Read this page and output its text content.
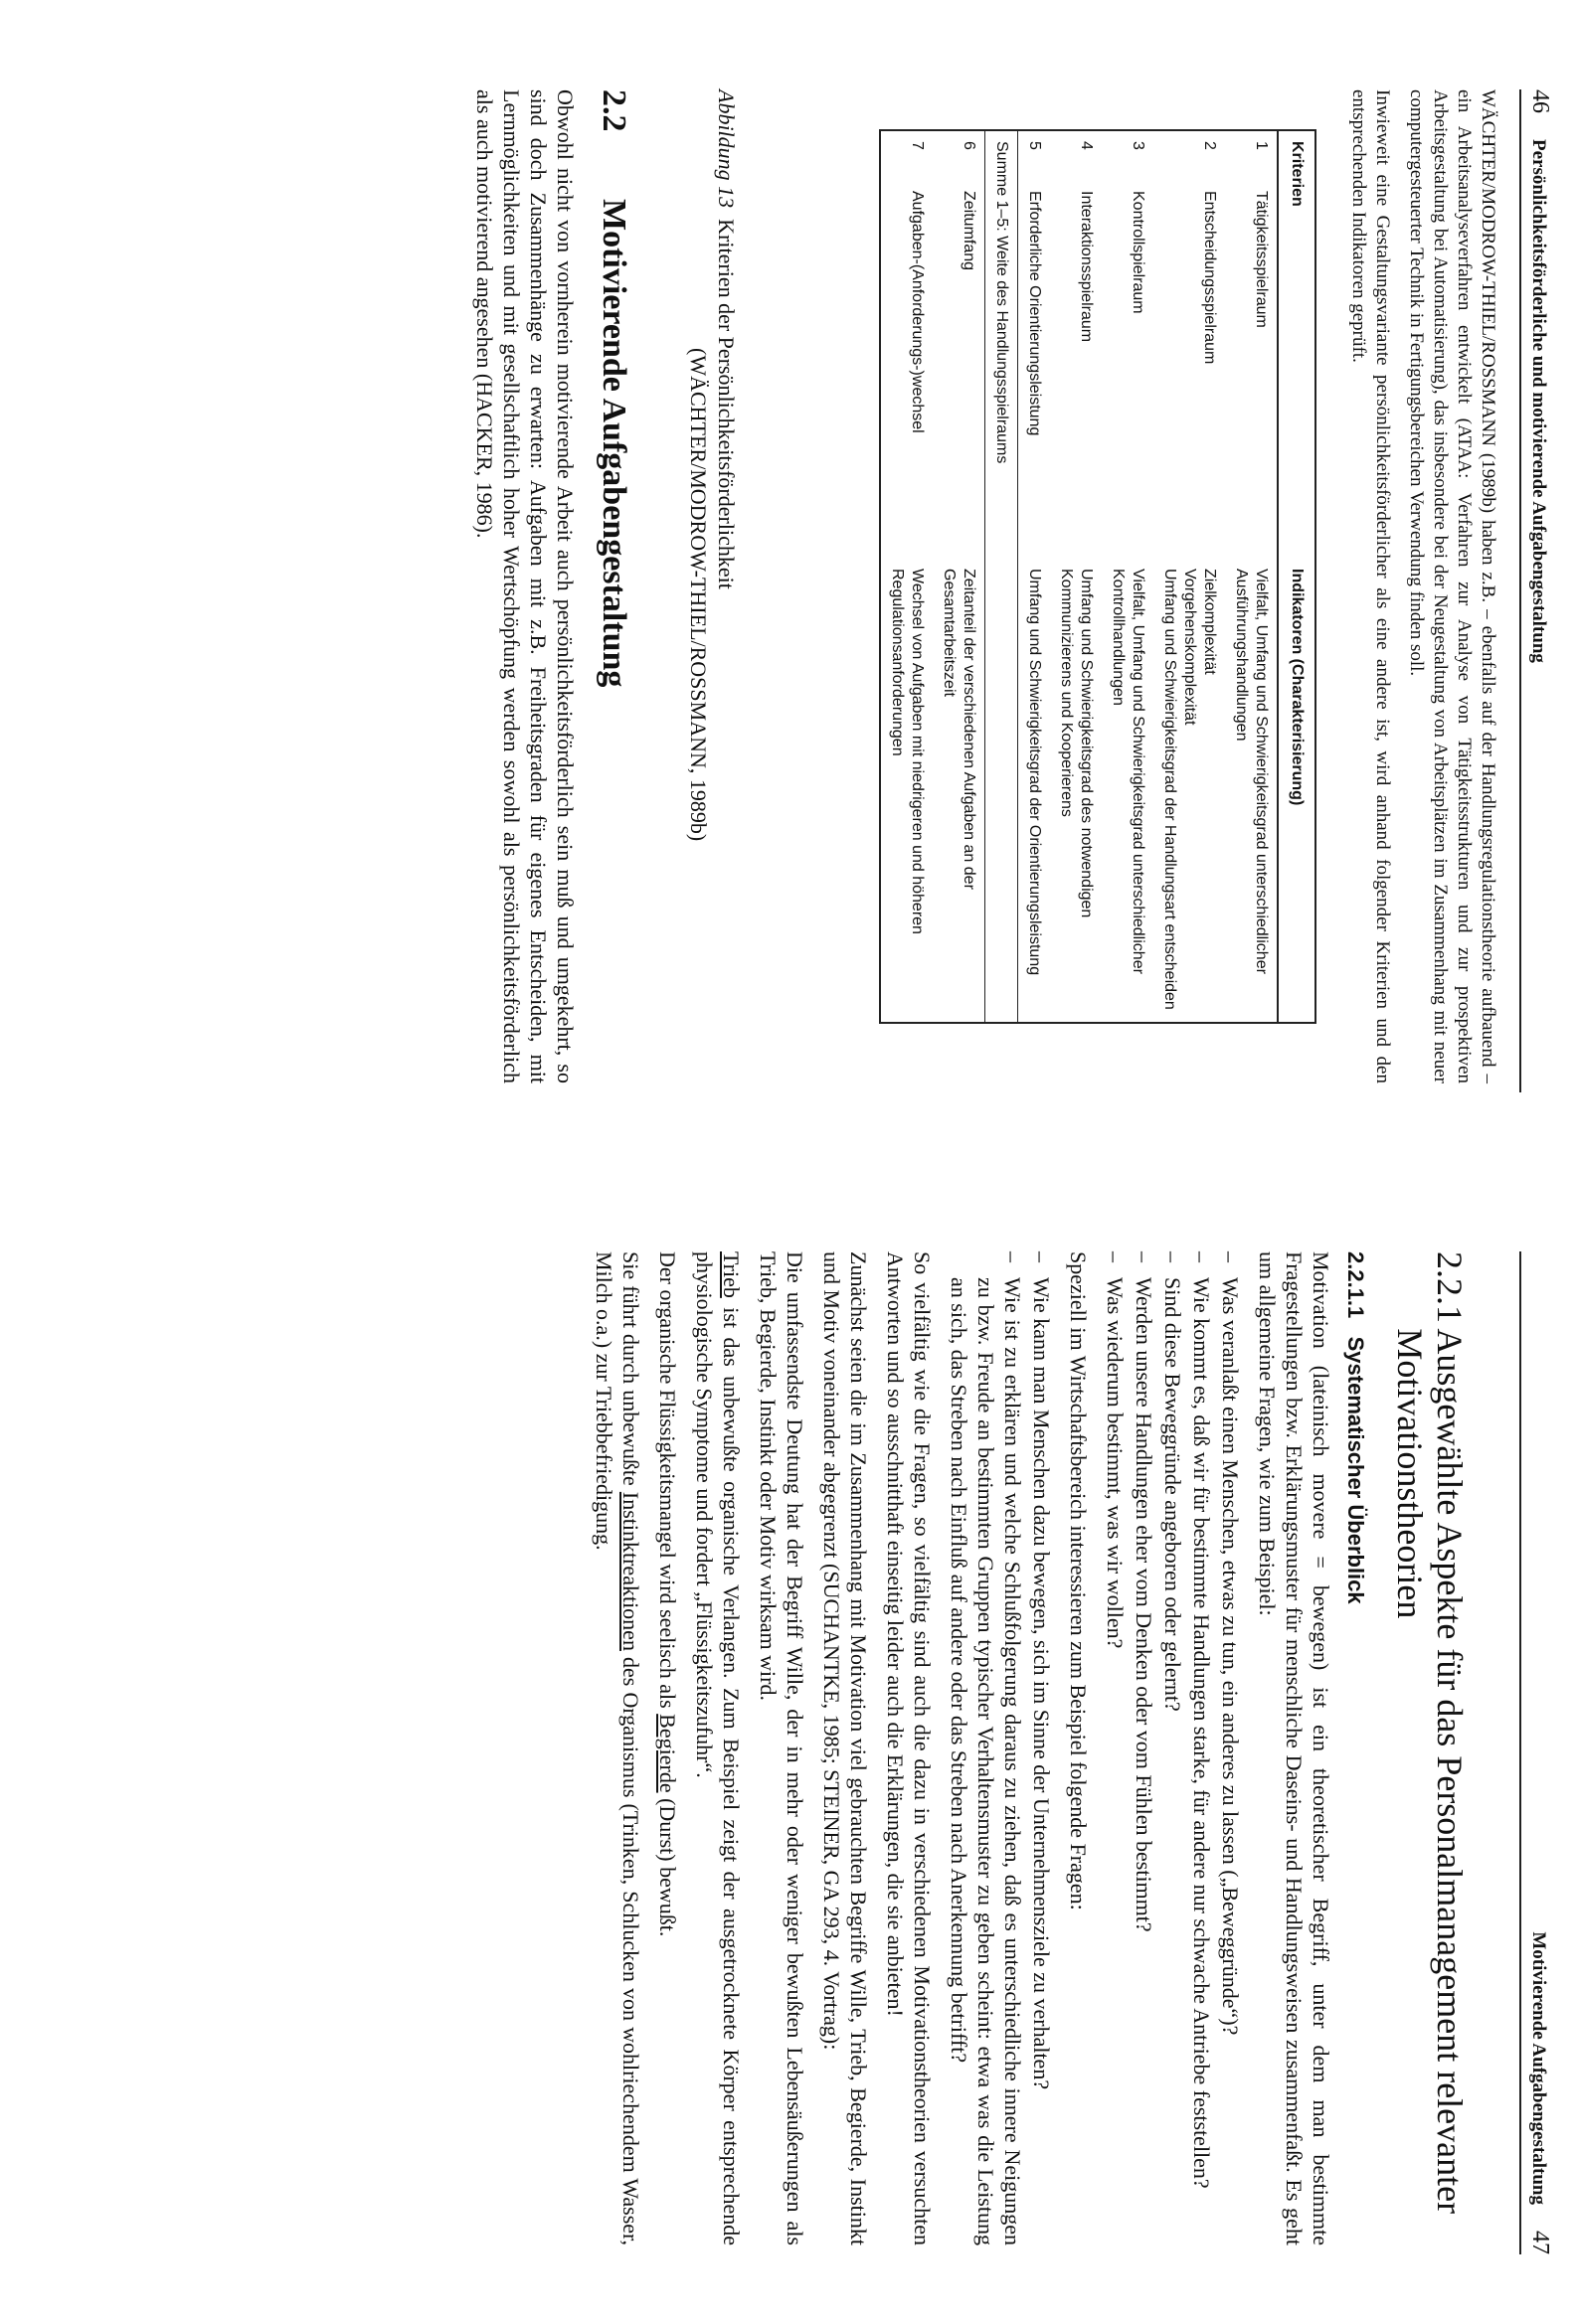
46
Persönlichkeitsförderliche und motivierende Aufgabengestaltung

WÄCHTER/MODROW-THIEL/ROSSMANN (1989b) haben z.B. – ebenfalls auf der Handlungsregulationstheorie aufbauend – ein Arbeitsanalyseverfahren entwickelt (ATAA: Verfahren zur Analyse von Tätigkeitsstrukturen und zur prospektiven Arbeitsgestaltung bei Automatisierung), das insbesondere bei der Neugestaltung von Arbeitsplätzen im Zusammenhang mit neuer computergesteuerter Technik in Fertigungsbereichen Verwendung finden soll.

Inwieweit eine Gestaltungsvariante persönlichkeitsförderlicher als eine andere ist, wird anhand folgender Kriterien und den entsprechenden Indikatoren geprüft.

Kriterien		Indikatoren (Charakterisierung)
1	Tätigkeitsspielraum	Vielfalt, Umfang und Schwierigkeitsgrad unterschiedlicher Ausführungshandlungen
2	Entscheidungsspielraum	Zielkomplexität
Vorgehenskomplexität
Umfang und Schwierigkeitsgrad der Handlungsart entscheiden
3	Kontrollspielraum	Vielfalt, Umfang und Schwierigkeitsgrad unterschiedlicher Kontrollhandlungen
4	Interaktionsspielraum	Umfang und Schwierigkeitsgrad des notwendigen Kommunizierens und Kooperierens
5	Erforderliche Orientierungsleistung	Umfang und Schwierigkeitsgrad der Orientierungsleistung
Summe 1–5: Weite des Handlungsspielraums		
6	Zeitumfang	Zeitanteil der verschiedenen Aufgaben an der Gesamtarbeitszeit
7	Aufgaben-(Anforderungs-)wechsel	Wechsel von Aufgaben mit niedrigeren und höheren Regulationsanforderungen
Abbildung 13  Kriterien der Persönlichkeitsförderlichkeit
(WÄCHTER/MODROW-THIEL/ROSSMANN, 1989b)
2.2Motivierende Aufgabengestaltung

Obwohl nicht von vornherein motivierende Arbeit auch persönlichkeitsförderlich sein muß und umgekehrt, so sind doch Zusammenhänge zu erwarten: Aufgaben mit z.B. Freiheitsgraden für eigenes Entscheiden, mit Lernmöglichkeiten und mit gesellschaftlich hoher Wertschöpfung werden sowohl als persönlichkeitsförderlich als auch motivierend angesehen (HACKER, 1986).

Motivierende Aufgabengestaltung
47
2.2.1
Ausgewählte Aspekte für das Personalmanagement relevanter Motivationstheorien
2.2.1.1   Systematischer Überblick

Motivation (lateinisch movere = bewegen) ist ein theoretischer Begriff, unter dem man bestimmte Fragestellungen bzw. Erklärungsmuster für menschliche Daseins- und Handlungsweisen zusammenfaßt. Es geht um allgemeine Fragen, wie zum Beispiel:

– Was veranlaßt einen Menschen, etwas zu tun, ein anderes zu lassen („Beweggründe“)?
– Wie kommt es, daß wir für bestimmte Handlungen starke, für andere nur schwache Antriebe feststellen?
– Sind diese Beweggründe angeboren oder gelernt?
– Werden unsere Handlungen eher vom Denken oder vom Fühlen bestimmt?
– Was wiederum bestimmt, was wir wollen?

Speziell im Wirtschaftsbereich interessieren zum Beispiel folgende Fragen:

– Wie kann man Menschen dazu bewegen, sich im Sinne der Unternehmensziele zu verhalten?
– Wie ist zu erklären und welche Schlußfolgerung daraus zu ziehen, daß es unterschiedliche innere Neigungen zu bzw. Freude an bestimmten Gruppen typischer Verhaltensmuster zu geben scheint: etwa was die Leistung an sich, das Streben nach Einfluß auf andere oder das Streben nach Anerkennung betrifft?

So vielfältig wie die Fragen, so vielfältig sind auch die dazu in verschiedenen Motivationstheorien versuchten Antworten und so ausschnitthaft einseitig leider auch die Erklärungen, die sie anbieten!

Zunächst seien die im Zusammenhang mit Motivation viel gebrauchten Begriffe Wille, Trieb, Begierde, Instinkt und Motiv voneinander abgegrenzt (SUCHANTKE, 1985; STEINER, GA 293, 4. Vortrag):

Die umfassendste Deutung hat der Begriff Wille, der in mehr oder weniger bewußten Lebensäußerungen als Trieb, Begierde, Instinkt oder Motiv wirksam wird.

Trieb ist das unbewußte organische Verlangen. Zum Beispiel zeigt der ausgetrocknete Körper entsprechende physiologische Symptome und fordert „Flüssigkeitszufuhr“.

Der organische Flüssigkeitsmangel wird seelisch als Begierde (Durst) bewußt.

Sie führt durch unbewußte Instinktreaktionen des Organismus (Trinken, Schlucken von wohlriechendem Wasser, Milch o.a.) zur Triebbefriedigung.
